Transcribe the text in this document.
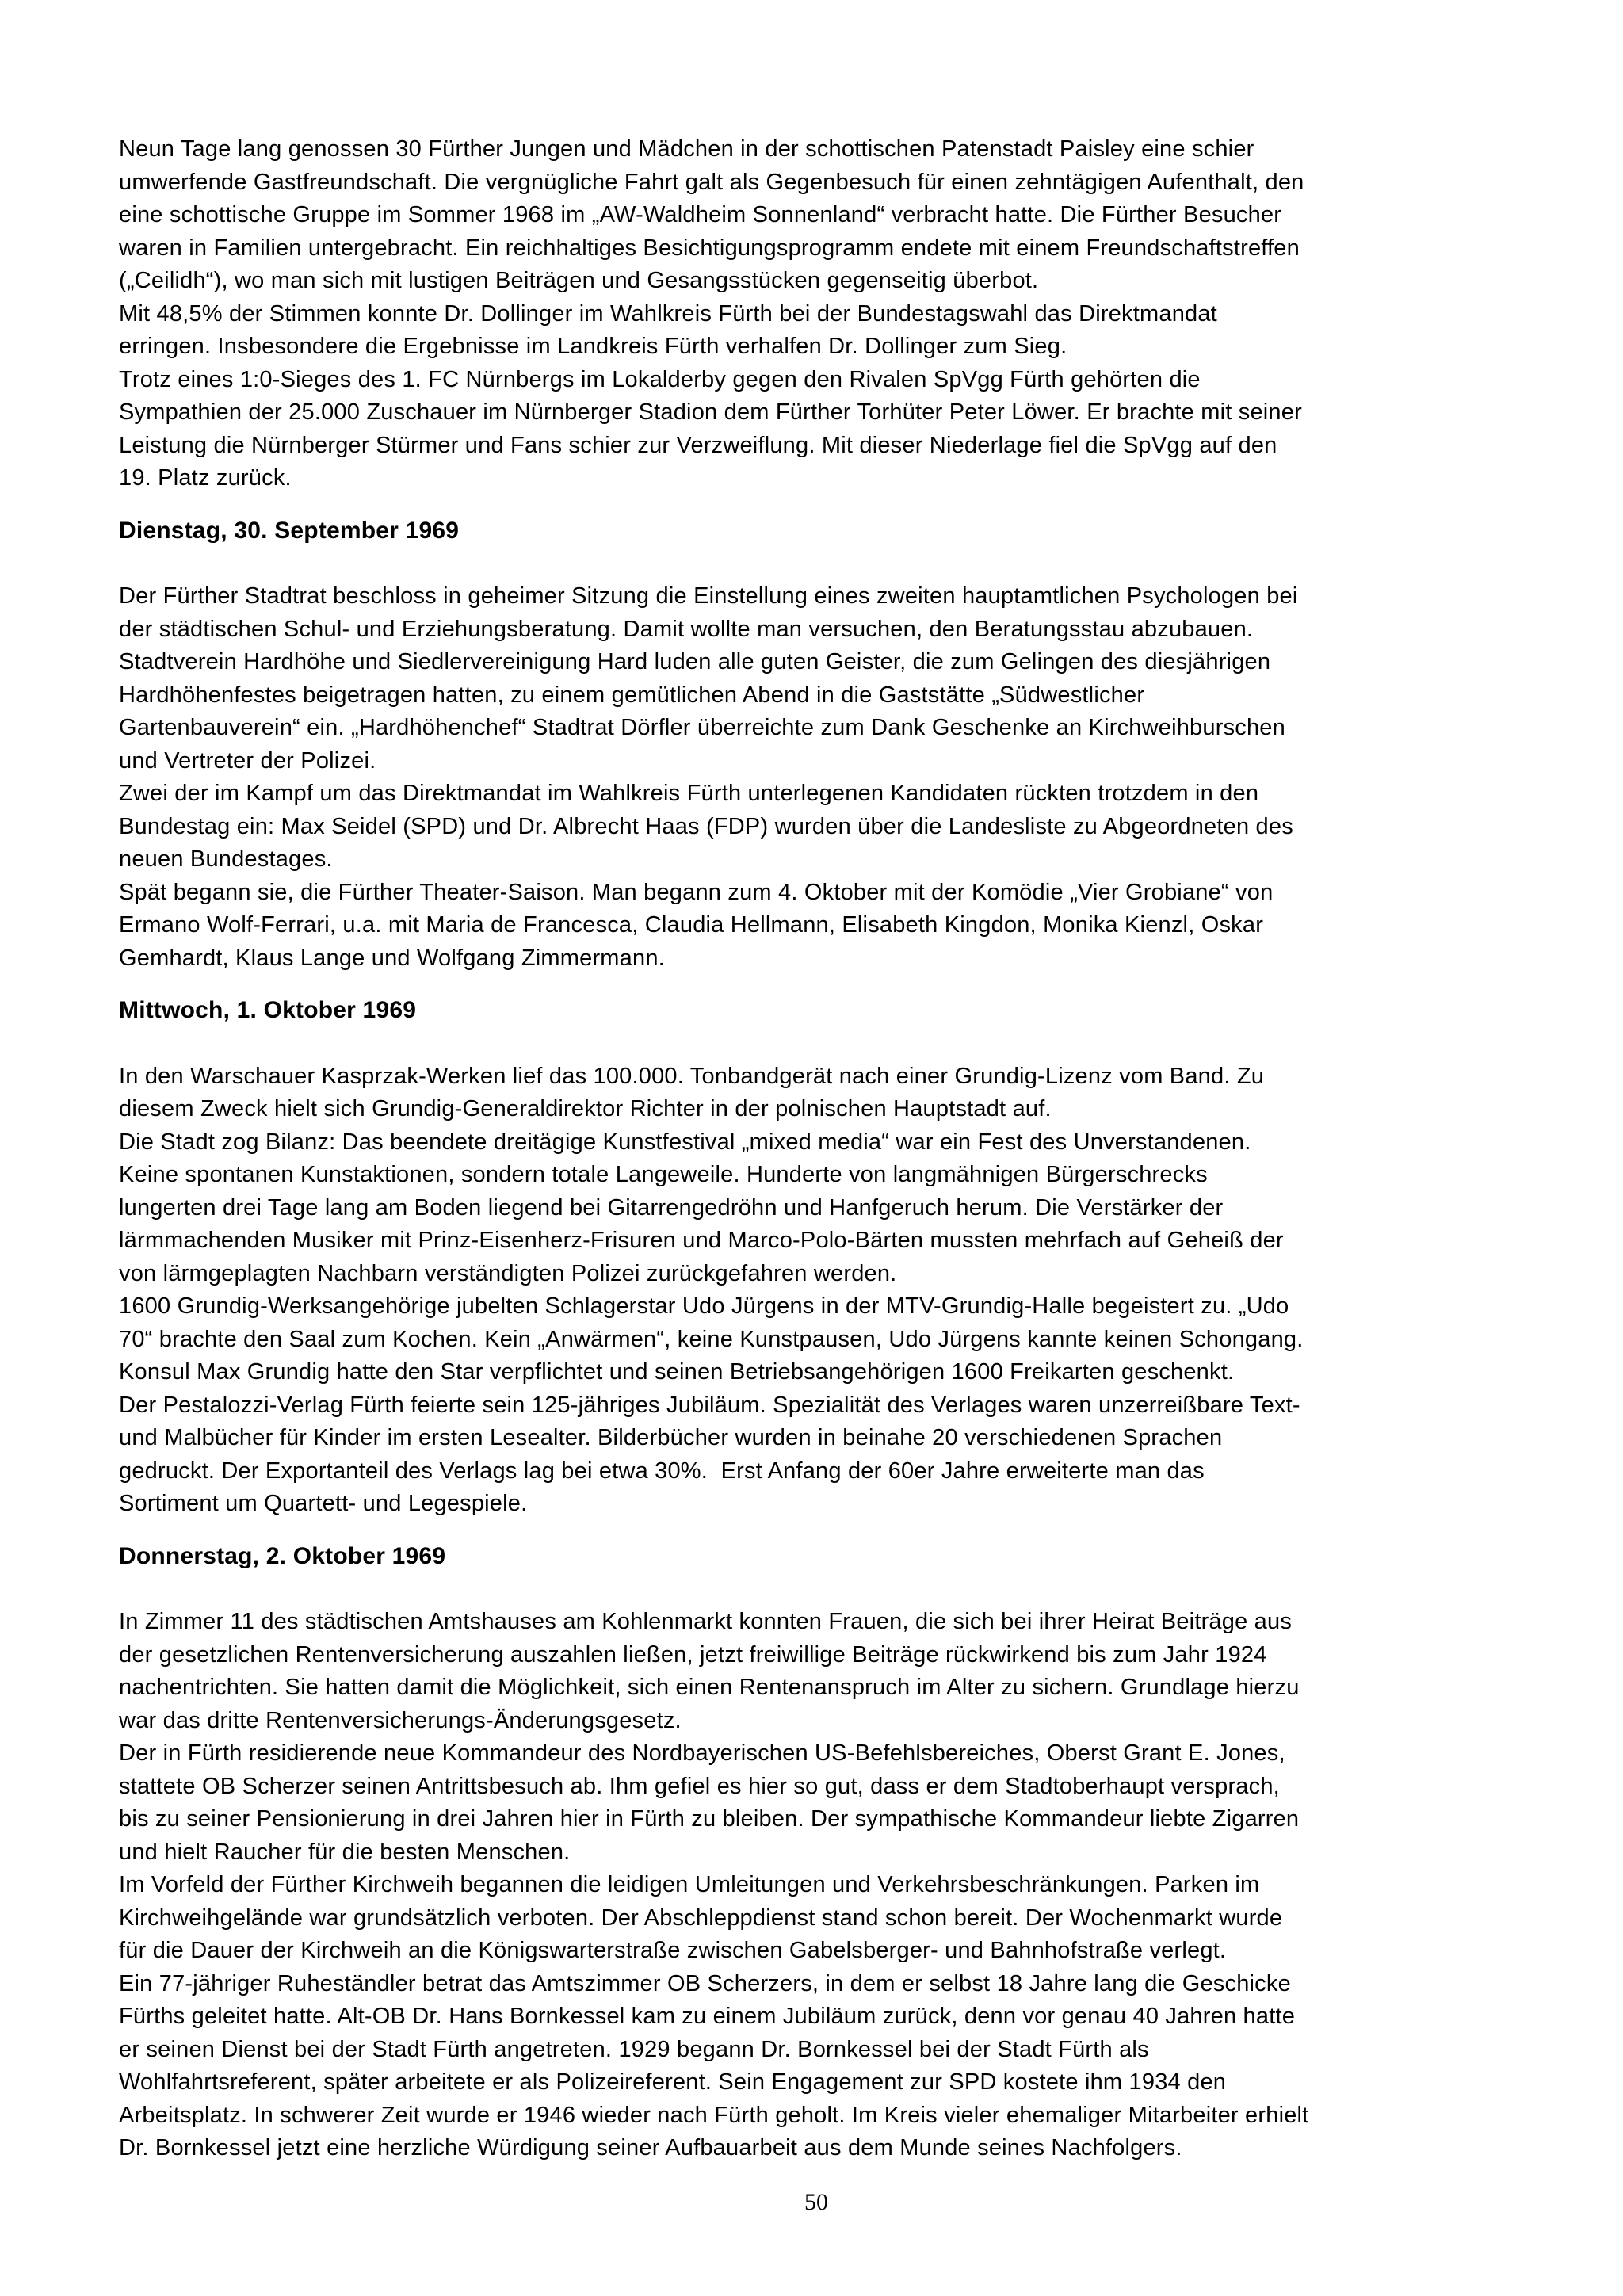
Neun Tage lang genossen 30 Fürther Jungen und Mädchen in der schottischen Patenstadt Paisley eine schier
umwerfende Gastfreundschaft. Die vergnügliche Fahrt galt als Gegenbesuch für einen zehntägigen Aufenthalt, den
eine schottische Gruppe im Sommer 1968 im „AW-Waldheim Sonnenland“ verbracht hatte. Die Fürther Besucher
waren in Familien untergebracht. Ein reichhaltiges Besichtigungsprogramm endete mit einem Freundschaftstreffen
(„Ceilidh“), wo man sich mit lustigen Beiträgen und Gesangsstücken gegenseitig überbot.
Mit 48,5% der Stimmen konnte Dr. Dollinger im Wahlkreis Fürth bei der Bundestagswahl das Direktmandat
erringen. Insbesondere die Ergebnisse im Landkreis Fürth verhalfen Dr. Dollinger zum Sieg.
Trotz eines 1:0-Sieges des 1. FC Nürnbergs im Lokalderby gegen den Rivalen SpVgg Fürth gehörten die
Sympathien der 25.000 Zuschauer im Nürnberger Stadion dem Fürther Torhüter Peter Löwer. Er brachte mit seiner
Leistung die Nürnberger Stürmer und Fans schier zur Verzweiflung. Mit dieser Niederlage fiel die SpVgg auf den
19. Platz zurück.
Dienstag, 30. September 1969
Der Fürther Stadtrat beschloss in geheimer Sitzung die Einstellung eines zweiten hauptamtlichen Psychologen bei
der städtischen Schul- und Erziehungsberatung. Damit wollte man versuchen, den Beratungsstau abzubauen.
Stadtverein Hardhöhe und Siedlervereinigung Hard luden alle guten Geister, die zum Gelingen des diesjährigen
Hardhöhenfestes beigetragen hatten, zu einem gemütlichen Abend in die Gaststätte „Südwestlicher
Gartenbauverein“ ein. „Hardhöhenchef“ Stadtrat Dörfler überreichte zum Dank Geschenke an Kirchweihburschen
und Vertreter der Polizei.
Zwei der im Kampf um das Direktmandat im Wahlkreis Fürth unterlegenen Kandidaten rückten trotzdem in den
Bundestag ein: Max Seidel (SPD) und Dr. Albrecht Haas (FDP) wurden über die Landesliste zu Abgeordneten des
neuen Bundestages.
Spät begann sie, die Fürther Theater-Saison. Man begann zum 4. Oktober mit der Komödie „Vier Grobiane“ von
Ermano Wolf-Ferrari, u.a. mit Maria de Francesca, Claudia Hellmann, Elisabeth Kingdon, Monika Kienzl, Oskar
Gemhardt, Klaus Lange und Wolfgang Zimmermann.
Mittwoch, 1. Oktober 1969
In den Warschauer Kasprzak-Werken lief das 100.000. Tonbandgerät nach einer Grundig-Lizenz vom Band. Zu
diesem Zweck hielt sich Grundig-Generaldirektor Richter in der polnischen Hauptstadt auf.
Die Stadt zog Bilanz: Das beendete dreitägige Kunstfestival „mixed media“ war ein Fest des Unverstandenen.
Keine spontanen Kunstaktionen, sondern totale Langeweile. Hunderte von langmähnigen Bürgerschrecks
lungerten drei Tage lang am Boden liegend bei Gitarrengedröhn und Hanfgeruch herum. Die Verstärker der
lärmmachenden Musiker mit Prinz-Eisenherz-Frisuren und Marco-Polo-Bärten mussten mehrfach auf Geheiß der
von lärmgeplagten Nachbarn verständigten Polizei zurückgefahren werden.
1600 Grundig-Werksangehörige jubelten Schlagerstar Udo Jürgens in der MTV-Grundig-Halle begeistert zu. „Udo
70“ brachte den Saal zum Kochen. Kein „Anwärmen“, keine Kunstpausen, Udo Jürgens kannte keinen Schongang.
Konsul Max Grundig hatte den Star verpflichtet und seinen Betriebsangehörigen 1600 Freikarten geschenkt.
Der Pestalozzi-Verlag Fürth feierte sein 125-jähriges Jubiläum. Spezialität des Verlages waren unzerreißbare Text-
und Malbücher für Kinder im ersten Lesealter. Bilderbücher wurden in beinahe 20 verschiedenen Sprachen
gedruckt. Der Exportanteil des Verlags lag bei etwa 30%.  Erst Anfang der 60er Jahre erweiterte man das
Sortiment um Quartett- und Legespiele.
Donnerstag, 2. Oktober 1969
In Zimmer 11 des städtischen Amtshauses am Kohlenmarkt konnten Frauen, die sich bei ihrer Heirat Beiträge aus
der gesetzlichen Rentenversicherung auszahlen ließen, jetzt freiwillige Beiträge rückwirkend bis zum Jahr 1924
nachentrichten. Sie hatten damit die Möglichkeit, sich einen Rentenanspruch im Alter zu sichern. Grundlage hierzu
war das dritte Rentenversicherungs-Änderungsgesetz.
Der in Fürth residierende neue Kommandeur des Nordbayerischen US-Befehlsbereiches, Oberst Grant E. Jones,
stattete OB Scherzer seinen Antrittsbesuch ab. Ihm gefiel es hier so gut, dass er dem Stadtoberhaupt versprach,
bis zu seiner Pensionierung in drei Jahren hier in Fürth zu bleiben. Der sympathische Kommandeur liebte Zigarren
und hielt Raucher für die besten Menschen.
Im Vorfeld der Fürther Kirchweih begannen die leidigen Umleitungen und Verkehrsbeschränkungen. Parken im
Kirchweihgelände war grundsätzlich verboten. Der Abschleppdienst stand schon bereit. Der Wochenmarkt wurde
für die Dauer der Kirchweih an die Königswarterstraße zwischen Gabelsberger- und Bahnhofstraße verlegt.
Ein 77-jähriger Ruheständler betrat das Amtszimmer OB Scherzers, in dem er selbst 18 Jahre lang die Geschicke
Fürths geleitet hatte. Alt-OB Dr. Hans Bornkessel kam zu einem Jubiläum zurück, denn vor genau 40 Jahren hatte
er seinen Dienst bei der Stadt Fürth angetreten. 1929 begann Dr. Bornkessel bei der Stadt Fürth als
Wohlfahrtsreferent, später arbeitete er als Polizeireferent. Sein Engagement zur SPD kostete ihm 1934 den
Arbeitsplatz. In schwerer Zeit wurde er 1946 wieder nach Fürth geholt. Im Kreis vieler ehemaliger Mitarbeiter erhielt
Dr. Bornkessel jetzt eine herzliche Würdigung seiner Aufbauarbeit aus dem Munde seines Nachfolgers.
50
